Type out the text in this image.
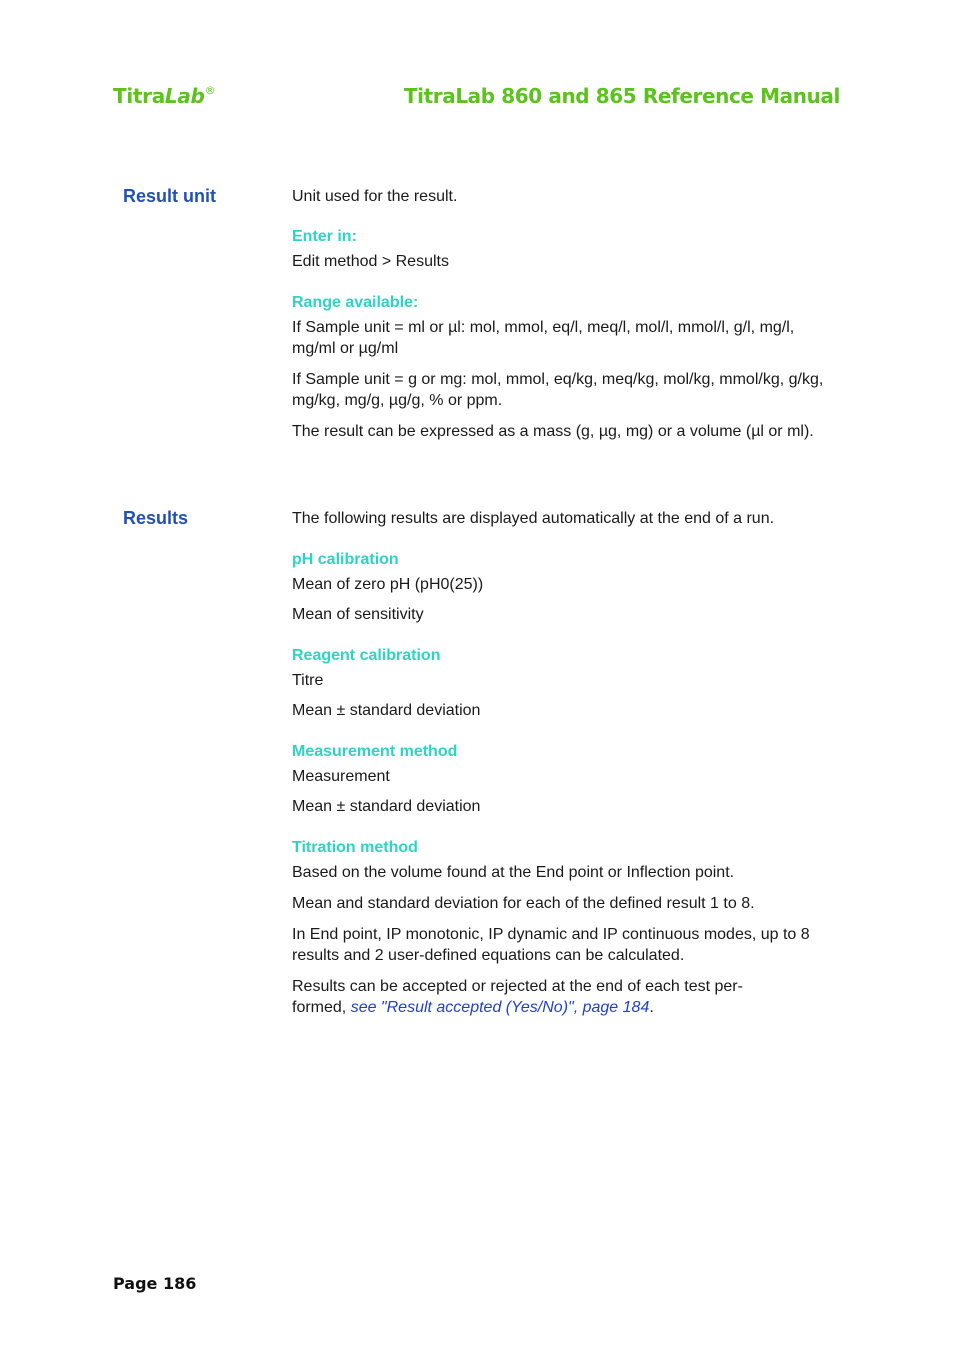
TitraLab®	TitraLab 860 and 865 Reference Manual
Result unit	Unit used for the result.

Enter in:

Edit method > Results

Range available:

If Sample unit = ml or µl: mol, mmol, eq/l, meq/l, mol/l, mmol/l, g/l, mg/l, mg/ml or µg/ml

If Sample unit = g or mg: mol, mmol, eq/kg, meq/kg, mol/kg, mmol/kg, g/kg, mg/kg, mg/g, µg/g, % or ppm.

The result can be expressed as a mass (g, µg, mg) or a volume (µl or ml).

Results	The following results are displayed automatically at the end of a run.

pH calibration

Mean of zero pH (pH0(25))

Mean of sensitivity

Reagent calibration

Titre

Mean ± standard deviation

Measurement method

Measurement

Mean ± standard deviation

Titration method

Based on the volume found at the End point or Inflection point.

Mean and standard deviation for each of the defined result 1 to 8.

In End point, IP monotonic, IP dynamic and IP continuous modes, up to 8 results and 2 user-defined equations can be calculated.

Results can be accepted or rejected at the end of each test per-
formed, see "Result accepted (Yes/No)", page 184.

Page 186
